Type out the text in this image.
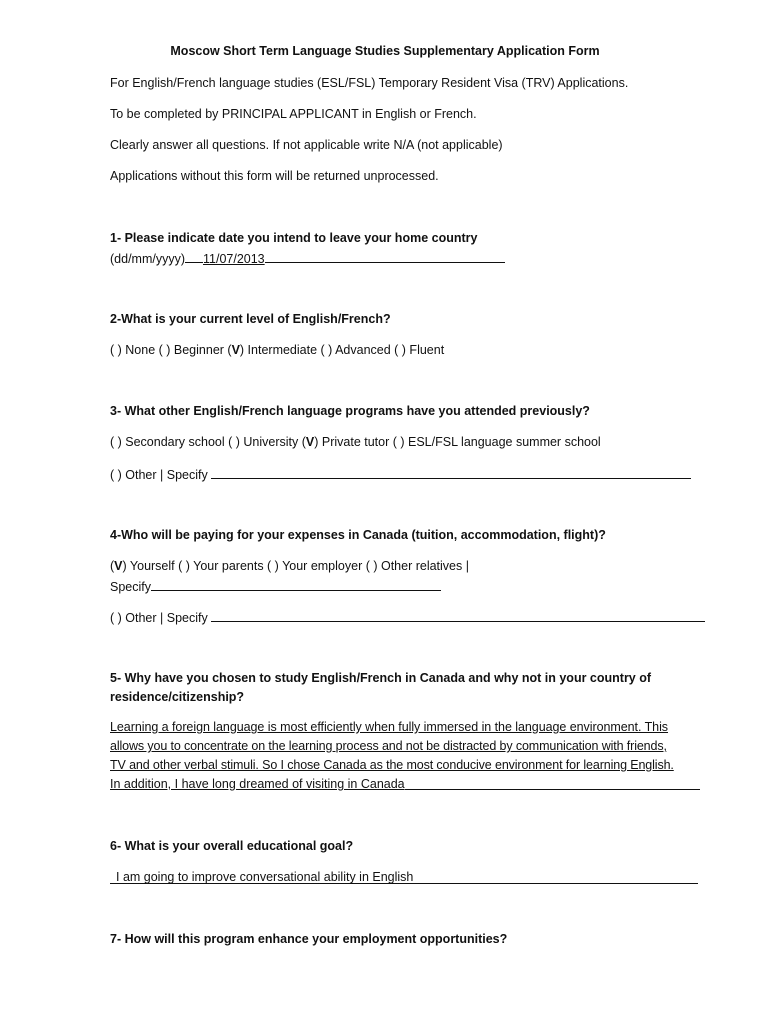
Moscow Short Term Language Studies Supplementary Application Form
For English/French language studies (ESL/FSL) Temporary Resident Visa (TRV) Applications.
To be completed by PRINCIPAL APPLICANT in English or French.
Clearly answer all questions. If not applicable write N/A (not applicable)
Applications without this form will be returned unprocessed.
1- Please indicate date you intend to leave your home country
(dd/mm/yyyy) 11/07/2013
2-What is your current level of English/French?
( ) None ( ) Beginner (V) Intermediate ( ) Advanced ( ) Fluent
3- What other English/French language programs have you attended previously?
( ) Secondary school ( ) University (V) Private tutor ( ) ESL/FSL language summer school
( ) Other | Specify
4-Who will be paying for your expenses in Canada (tuition, accommodation, flight)?
(V) Yourself ( ) Your parents ( ) Your employer ( ) Other relatives |
Specify
( ) Other | Specify
5- Why have you chosen to study English/French in Canada and why not in your country of
residence/citizenship?
Learning a foreign language is most efficiently when fully immersed in the language environment. This
allows you to concentrate on the learning process and not be distracted by communication with friends,
TV and other verbal stimuli. So I chose Canada as the most conducive environment for learning English.
In addition, I have long dreamed of visiting in Canada
6- What is your overall educational goal?
I am going to improve conversational ability in English
7- How will this program enhance your employment opportunities?
